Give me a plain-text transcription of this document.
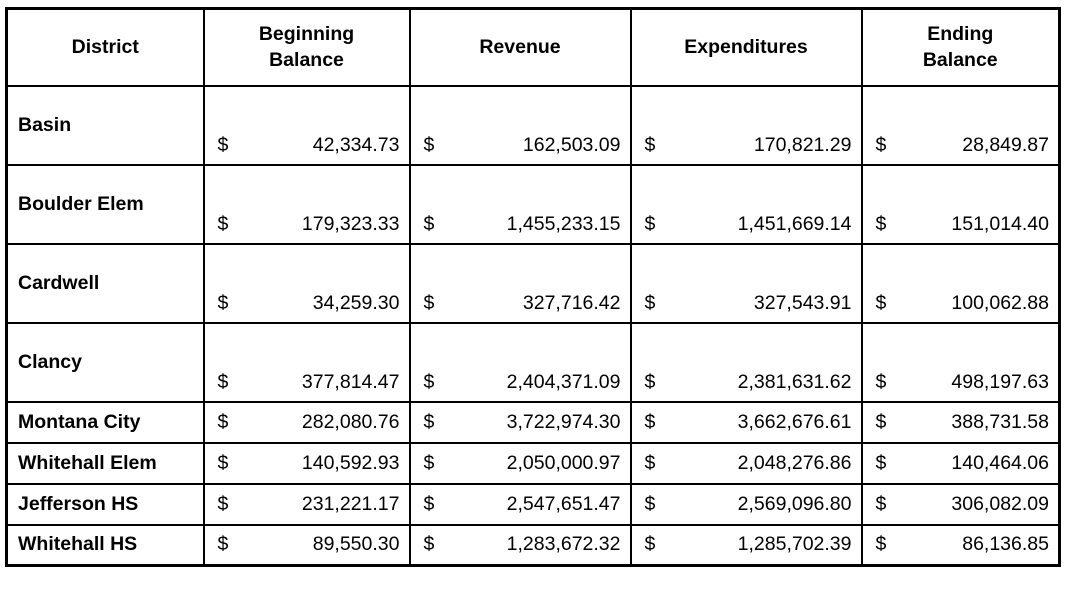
District	Beginning Balance	Revenue	Expenditures	Ending Balance
Basin	$ 42,334.73	$ 162,503.09	$ 170,821.29	$ 28,849.87

Boulder Elem	$ 179,323.33	$ 1,455,233.15	$ 1,451,669.14	$ 151,014.40

Cardwell	$ 34,259.30	$ 327,716.42	$ 327,543.91	$ 100,062.88

Clancy	$ 377,814.47	$ 2,404,371.09	$ 2,381,631.62	$ 498,197.63

Montana City	$ 282,080.76	$ 3,722,974.30	$ 3,662,676.61	$ 388,731.58

Whitehall Elem	$ 140,592.93	$ 2,050,000.97	$ 2,048,276.86	$ 140,464.06

Jefferson HS	$ 231,221.17	$ 2,547,651.47	$ 2,569,096.80	$ 306,082.09

Whitehall HS	$ 89,550.30	$ 1,283,672.32	$ 1,285,702.39	$ 86,136.85
